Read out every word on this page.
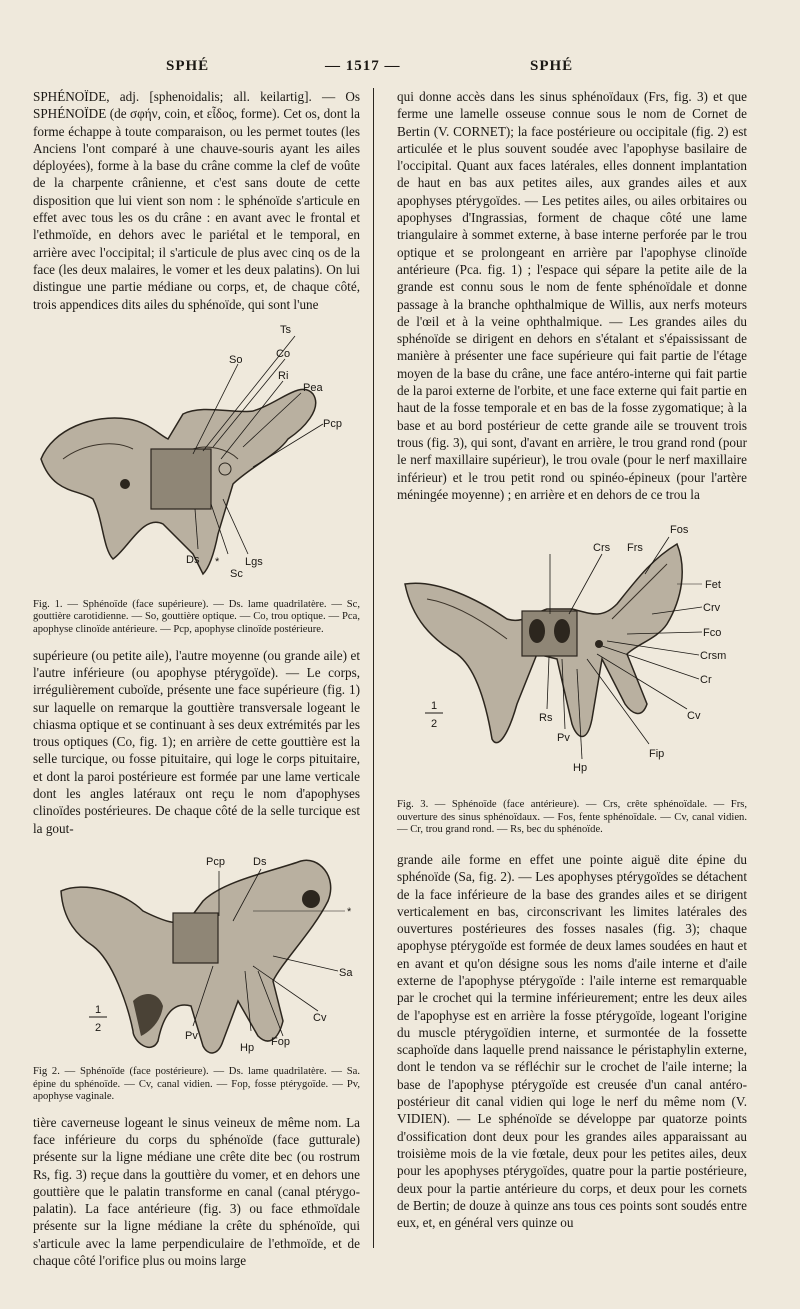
SPHÉ	— 1517 —	SPHÉ

SPHÉNOÏDE, adj. [sphenoidalis; all. keilartig]. — Os SPHÉNOÏDE (de σφήν, coin, et εἶδος, forme). Cet os, dont la forme échappe à toute comparaison, ou les permet toutes (les Anciens l'ont comparé à une chauve-souris ayant les ailes déployées), forme à la base du crâne comme la clef de voûte de la charpente crânienne, et c'est sans doute de cette disposition que lui vient son nom : le sphénoïde s'articule en effet avec tous les os du crâne : en avant avec le frontal et l'ethmoïde, en dehors avec le pariétal et le temporal, en arrière avec l'occipital; il s'articule de plus avec cinq os de la face (les deux malaires, le vomer et les deux palatins). On lui distingue une partie médiane ou corps, et, de chaque côté, trois appendices dits ailes du sphénoïde, qui sont l'une

Ts
So	Co
Ri
Pea
Pcp
Ds *
Sc
Lgs

Fig. 1. — Sphénoïde (face supérieure). — Ds. lame quadrilatère. — Sc, gouttière carotidienne. — So, gouttière optique. — Co, trou optique. — Pca, apophyse clinoïde antérieure. — Pcp, apophyse clinoïde postérieure.

supérieure (ou petite aile), l'autre moyenne (ou grande aile) et l'autre inférieure (ou apophyse ptérygoïde). — Le corps, irrégulièrement cuboïde, présente une face supérieure (fig. 1) sur laquelle on remarque la gouttière transversale logeant le chiasma optique et se continuant à ses deux extrémités par les trous optiques (Co, fig. 1); en arrière de cette gouttière est la selle turcique, ou fosse pituitaire, qui loge le corps pituitaire, et dont la paroi postérieure est formée par une lame verticale dont les angles latéraux ont reçu le nom d'apophyses clinoïdes postérieures. De chaque côté de la selle turcique est la gout-

Pcp	Ds
*
Sa
Cv
Pv
Hp Fop
1
2

Fig 2. — Sphénoïde (face postérieure). — Ds. lame quadrilatère. — Sa. épine du sphénoïde. — Cv, canal vidien. — Fop, fosse ptérygoïde. — Pv, apophyse vaginale.

tière caverneuse logeant le sinus veineux de même nom. La face inférieure du corps du sphénoïde (face gutturale) présente sur la ligne médiane une crête dite bec (ou rostrum Rs, fig. 3) reçue dans la gouttière du vomer, et en dehors une gouttière que le palatin transforme en canal (canal ptérygo-palatin). La face antérieure (fig. 3) ou face ethmoïdale présente sur la ligne médiane la crête du sphénoïde, qui s'articule avec la lame perpendiculaire de l'ethmoïde, et de chaque côté l'orifice plus ou moins large

qui donne accès dans les sinus sphénoïdaux (Frs, fig. 3) et que ferme une lamelle osseuse connue sous le nom de Cornet de Bertin (V. CORNET); la face postérieure ou occipitale (fig. 2) est articulée et le plus souvent soudée avec l'apophyse basilaire de l'occipital. Quant aux faces latérales, elles donnent implantation de haut en bas aux petites ailes, aux grandes ailes et aux apophyses ptérygoïdes. — Les petites ailes, ou ailes orbitaires ou apophyses d'Ingrassias, forment de chaque côté une lame triangulaire à sommet externe, à base interne perforée par le trou optique et se prolongeant en arrière par l'apophyse clinoïde antérieure (Pca. fig. 1) ; l'espace qui sépare la petite aile de la grande est connu sous le nom de fente sphénoïdale et donne passage à la branche ophthalmique de Willis, aux nerfs moteurs de l'œil et à la veine ophthalmique. — Les grandes ailes du sphénoïde se dirigent en dehors en s'étalant et s'épaississant de manière à présenter une face supérieure qui fait partie de l'étage moyen de la base du crâne, une face antéro-interne qui fait partie de la paroi externe de l'orbite, et une face externe qui fait partie en haut de la fosse temporale et en bas de la fosse zygomatique; à la base et au bord postérieur de cette grande aile se trouvent trois trous (fig. 3), qui sont, d'avant en arrière, le trou grand rond (pour le nerf maxillaire supérieur), le trou ovale (pour le nerf maxillaire inférieur) et le trou petit rond ou spinéo-épineux (pour l'artère méningée moyenne) ; en arrière et en dehors de ce trou la

Fos
Crs Frs
Fet
Crv
Fco
Crsm
Cr
Cv
Fip
Hp
Pv
Rs
1
2

Fig. 3. — Sphénoïde (face antérieure). — Crs, crête sphénoïdale. — Frs, ouverture des sinus sphénoïdaux. — Fos, fente sphénoïdale. — Cv, canal vidien. — Cr, trou grand rond. — Rs, bec du sphénoïde.

grande aile forme en effet une pointe aiguë dite épine du sphénoïde (Sa, fig. 2). — Les apophyses ptérygoïdes se détachent de la face inférieure de la base des grandes ailes et se dirigent verticalement en bas, circonscrivant les limites latérales des ouvertures postérieures des fosses nasales (fig. 3); chaque apophyse ptérygoïde est formée de deux lames soudées en haut et en avant et qu'on désigne sous les noms d'aile interne et d'aile externe de l'apophyse ptérygoïde : l'aile interne est remarquable par le crochet qui la termine inférieurement; entre les deux ailes de l'apophyse est en arrière la fosse ptérygoïde, logeant l'origine du muscle ptérygoïdien interne, et surmontée de la fossette scaphoïde dans laquelle prend naissance le péristaphylin externe, dont le tendon va se réfléchir sur le crochet de l'aile interne; la base de l'apophyse ptérygoïde est creusée d'un canal antéro-postérieur dit canal vidien qui loge le nerf du même nom (V. VIDIEN). — Le sphénoïde se développe par quatorze points d'ossification dont deux pour les grandes ailes apparaissant au troisième mois de la vie fœtale, deux pour les petites ailes, deux pour les apophyses ptérygoïdes, quatre pour la partie postérieure, deux pour la partie antérieure du corps, et deux pour les cornets de Bertin; de douze à quinze ans tous ces points sont soudés entre eux, et, en général vers quinze ou
